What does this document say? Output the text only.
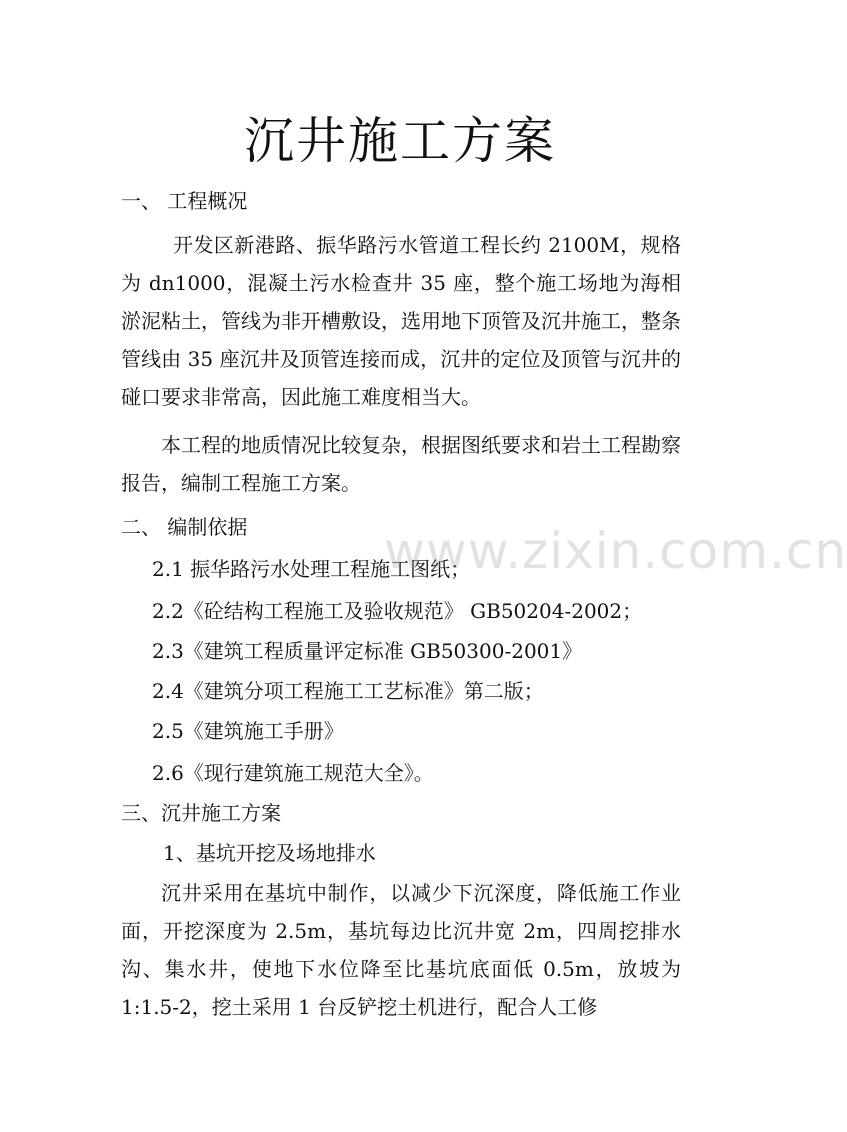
沉井施工方案

一、 工程概况

开发区新港路、振华路污水管道工程长约 2100M，规格为 dn1000，混凝土污水检查井 35 座，整个施工场地为海相淤泥粘土，管线为非开槽敷设，选用地下顶管及沉井施工，整条管线由 35 座沉井及顶管连接而成，沉井的定位及顶管与沉井的碰口要求非常高，因此施工难度相当大。

本工程的地质情况比较复杂，根据图纸要求和岩土工程勘察报告，编制工程施工方案。

二、 编制依据

2.1 振华路污水处理工程施工图纸；

2.2《砼结构工程施工及验收规范》 GB50204-2002；

2.3《建筑工程质量评定标准 GB50300-2001》

2.4《建筑分项工程施工工艺标准》第二版；

2.5《建筑施工手册》

2.6《现行建筑施工规范大全》。

三、沉井施工方案

1、基坑开挖及场地排水

沉井采用在基坑中制作，以减少下沉深度，降低施工作业面，开挖深度为 2.5m，基坑每边比沉井宽 2m，四周挖排水沟、集水井，使地下水位降至比基坑底面低 0.5m，放坡为 1:1.5-2，挖土采用 1 台反铲挖土机进行，配合人工修

www.zixin.com.cn
